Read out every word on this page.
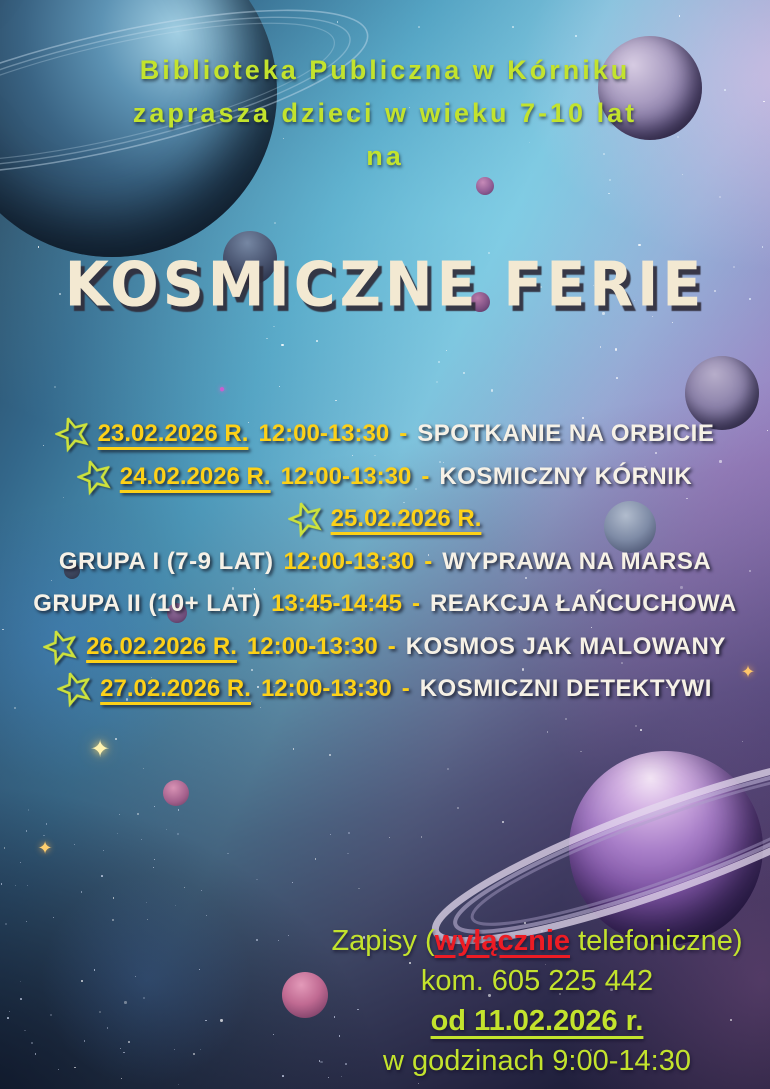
✦
✦
✦
●
Biblioteka Publiczna w Kórniku
zaprasza dzieci w wieku 7-10 lat
na
KOSMICZNE FERIE
23.02.2026 R. 12:00-13:30 - SPOTKANIE NA ORBICIE
24.02.2026 R. 12:00-13:30 - KOSMICZNY KÓRNIK
25.02.2026 R.
GRUPA I (7-9 LAT) 12:00-13:30 - WYPRAWA NA MARSA
GRUPA II (10+ LAT) 13:45-14:45 - REAKCJA ŁAŃCUCHOWA
26.02.2026 R. 12:00-13:30 - KOSMOS JAK MALOWANY
27.02.2026 R. 12:00-13:30 - KOSMICZNI DETEKTYWI
Zapisy (wyłącznie telefoniczne)
kom. 605 225 442
od 11.02.2026 r.
w godzinach 9:00-14:30
